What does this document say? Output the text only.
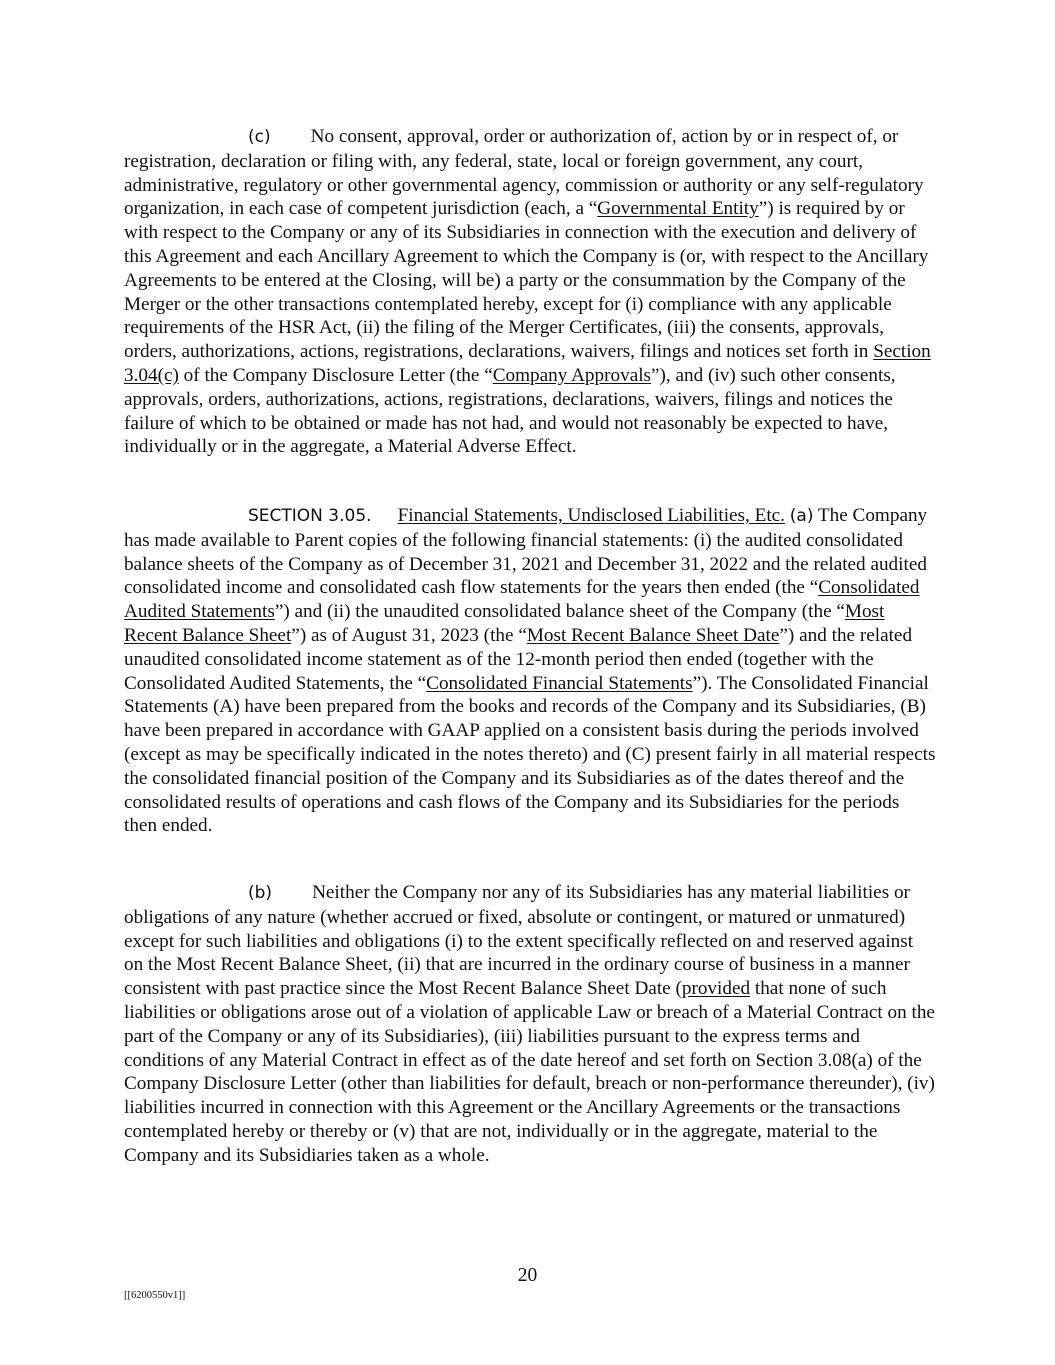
(c) No consent, approval, order or authorization of, action by or in respect of, or registration, declaration or filing with, any federal, state, local or foreign government, any court, administrative, regulatory or other governmental agency, commission or authority or any self-regulatory organization, in each case of competent jurisdiction (each, a “Governmental Entity”) is required by or with respect to the Company or any of its Subsidiaries in connection with the execution and delivery of this Agreement and each Ancillary Agreement to which the Company is (or, with respect to the Ancillary Agreements to be entered at the Closing, will be) a party or the consummation by the Company of the Merger or the other transactions contemplated hereby, except for (i) compliance with any applicable requirements of the HSR Act, (ii) the filing of the Merger Certificates, (iii) the consents, approvals, orders, authorizations, actions, registrations, declarations, waivers, filings and notices set forth in Section 3.04(c) of the Company Disclosure Letter (the “Company Approvals”), and (iv) such other consents, approvals, orders, authorizations, actions, registrations, declarations, waivers, filings and notices the failure of which to be obtained or made has not had, and would not reasonably be expected to have, individually or in the aggregate, a Material Adverse Effect.

SECTION 3.05. Financial Statements, Undisclosed Liabilities, Etc. (a) The Company has made available to Parent copies of the following financial statements: (i) the audited consolidated balance sheets of the Company as of December 31, 2021 and December 31, 2022 and the related audited consolidated income and consolidated cash flow statements for the years then ended (the “Consolidated Audited Statements”) and (ii) the unaudited consolidated balance sheet of the Company (the “Most Recent Balance Sheet”) as of August 31, 2023 (the “Most Recent Balance Sheet Date”) and the related unaudited consolidated income statement as of the 12-month period then ended (together with the Consolidated Audited Statements, the “Consolidated Financial Statements”). The Consolidated Financial Statements (A) have been prepared from the books and records of the Company and its Subsidiaries, (B) have been prepared in accordance with GAAP applied on a consistent basis during the periods involved (except as may be specifically indicated in the notes thereto) and (C) present fairly in all material respects the consolidated financial position of the Company and its Subsidiaries as of the dates thereof and the consolidated results of operations and cash flows of the Company and its Subsidiaries for the periods then ended.

(b) Neither the Company nor any of its Subsidiaries has any material liabilities or obligations of any nature (whether accrued or fixed, absolute or contingent, or matured or unmatured) except for such liabilities and obligations (i) to the extent specifically reflected on and reserved against on the Most Recent Balance Sheet, (ii) that are incurred in the ordinary course of business in a manner consistent with past practice since the Most Recent Balance Sheet Date (provided that none of such liabilities or obligations arose out of a violation of applicable Law or breach of a Material Contract on the part of the Company or any of its Subsidiaries), (iii) liabilities pursuant to the express terms and conditions of any Material Contract in effect as of the date hereof and set forth on Section 3.08(a) of the Company Disclosure Letter (other than liabilities for default, breach or non-performance thereunder), (iv) liabilities incurred in connection with this Agreement or the Ancillary Agreements or the transactions contemplated hereby or thereby or (v) that are not, individually or in the aggregate, material to the Company and its Subsidiaries taken as a whole.

20
[[6200550v1]]
